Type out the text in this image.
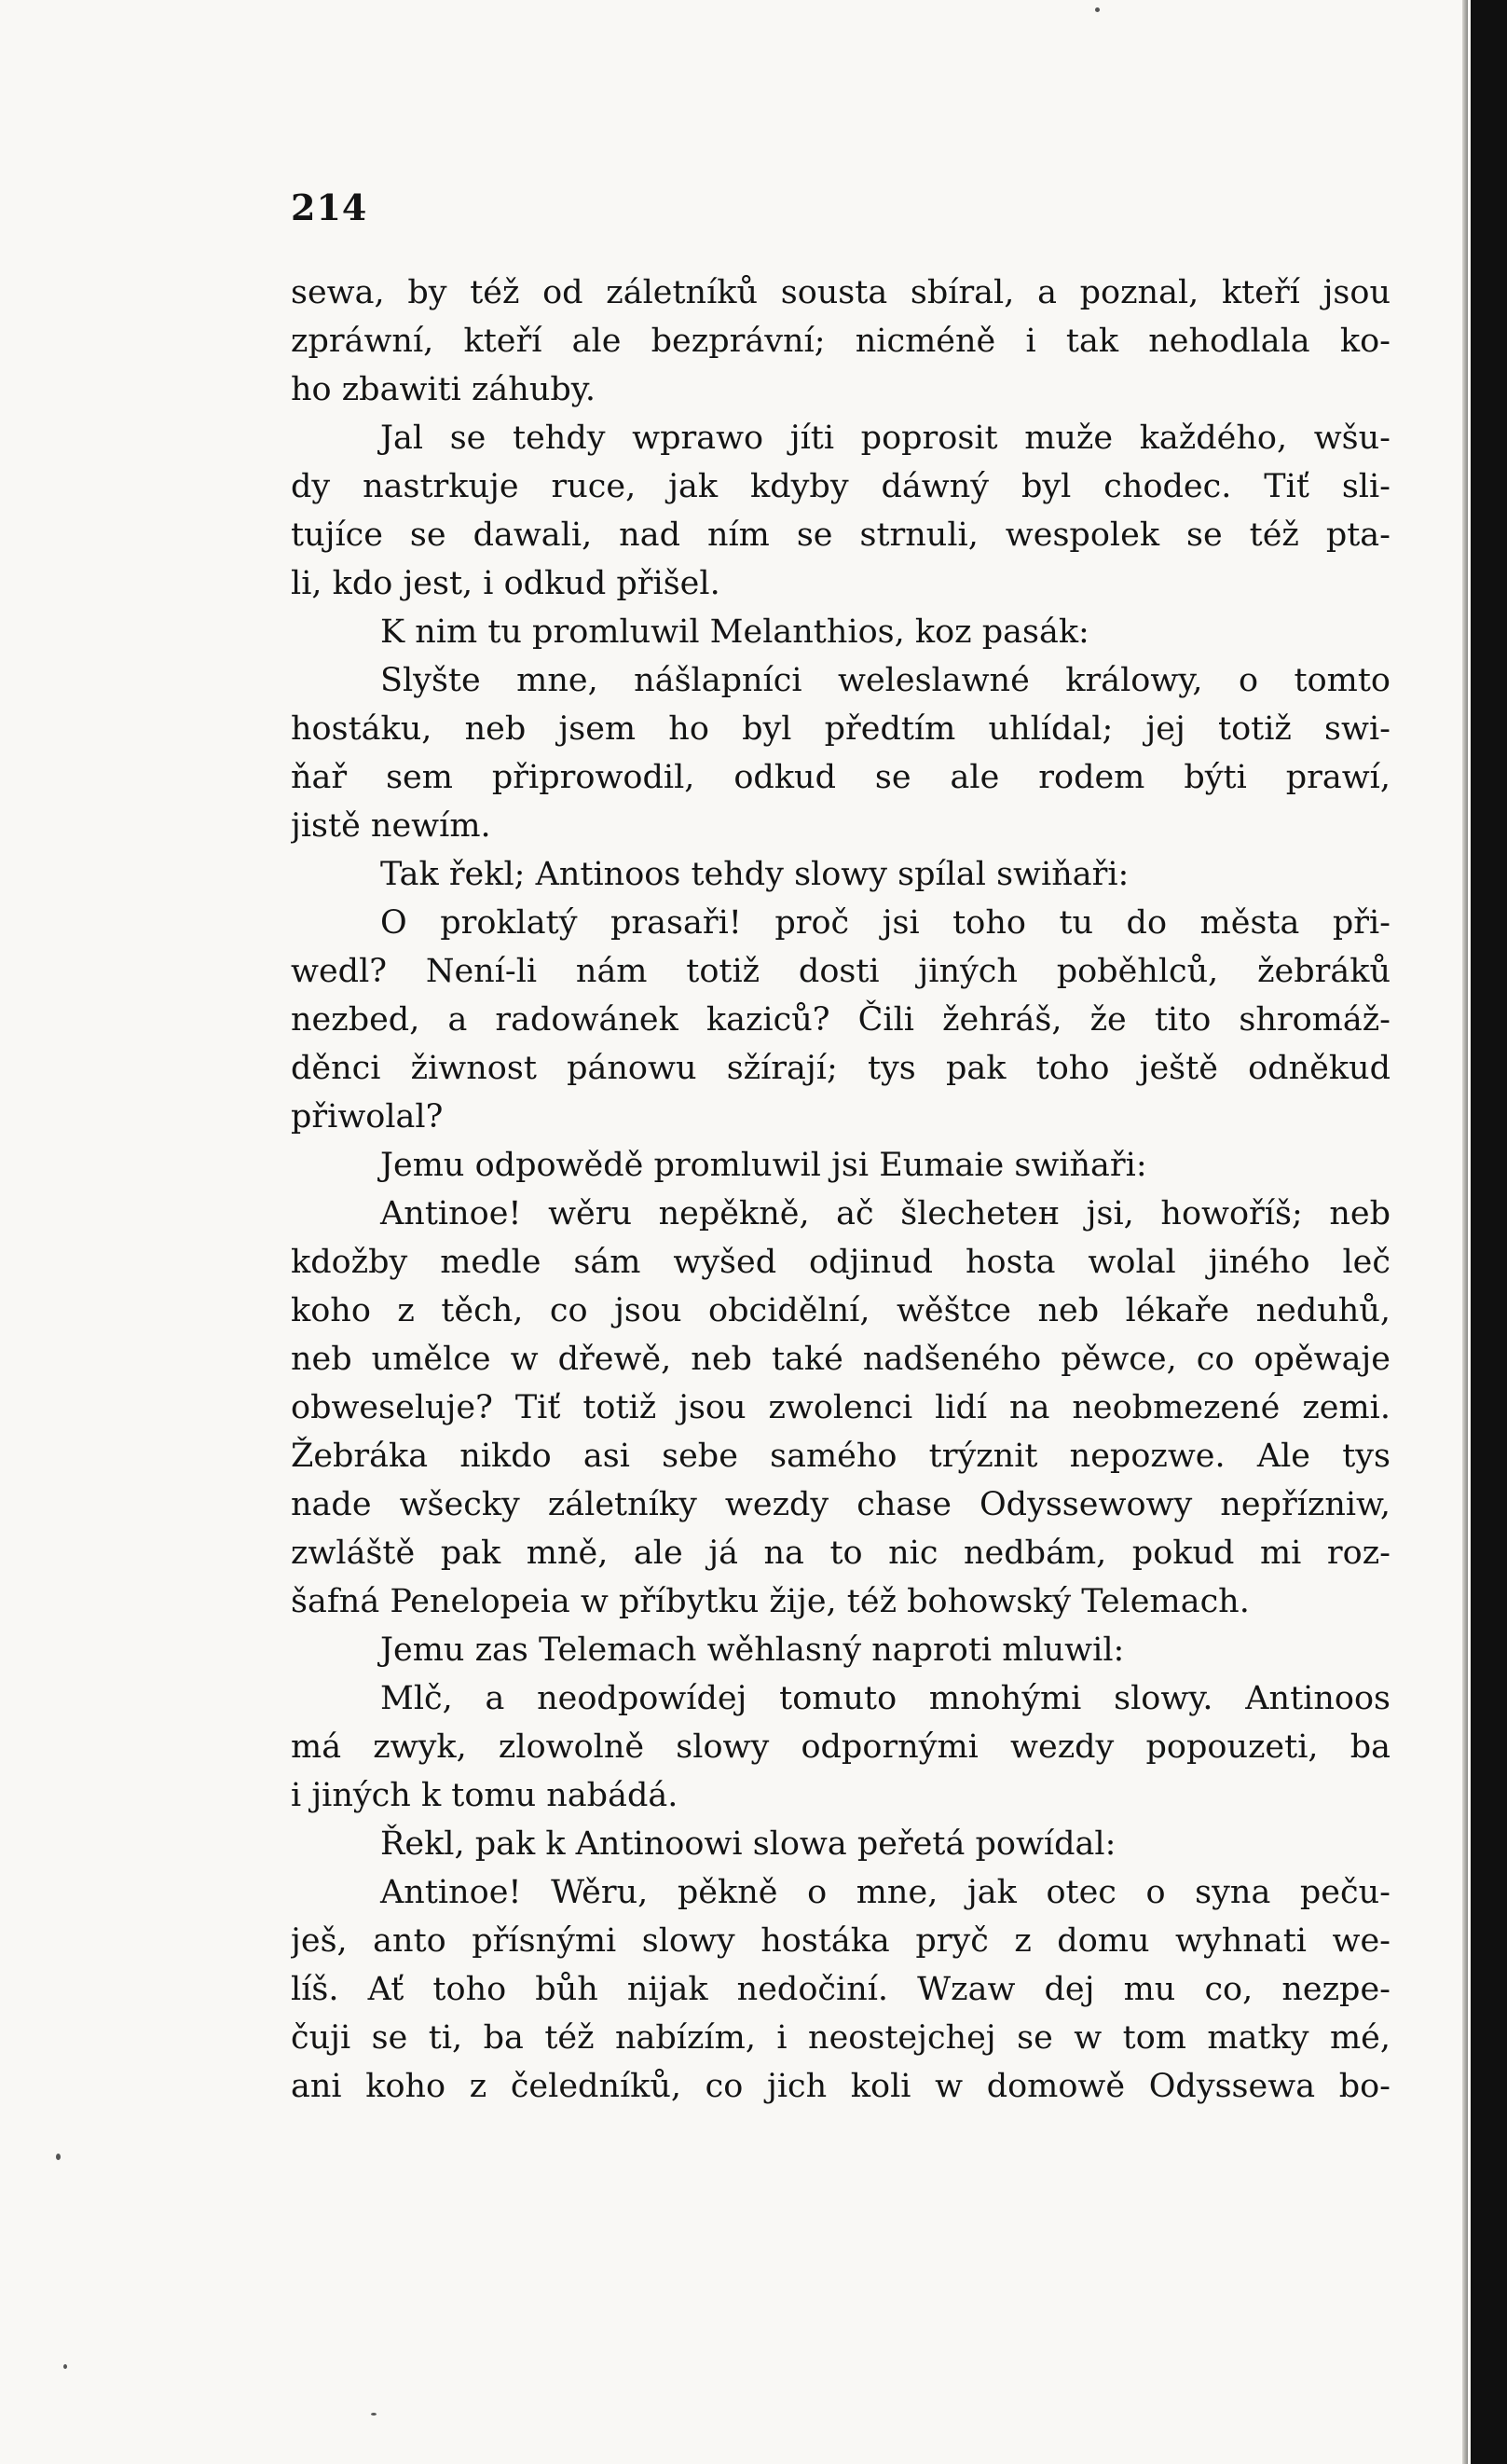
214
sewa, by též od záletníků sousta sbíral, a poznal, kteří jsou
zpráwní, kteří ale bezprávní; nicméně i tak nehodlala ko-
ho zbawiti záhuby.
Jal se tehdy wprawo jíti poprosit muže každého, wšu-
dy nastrkuje ruce, jak kdyby dáwný byl chodec. Tiť sli-
tujíce se dawali, nad ním se strnuli, wespolek se též pta-
li, kdo jest, i odkud přišel.
K nim tu promluwil Melanthios, koz pasák:
Slyšte mne, nášlapníci weleslawné králowy, o tomto
hostáku, neb jsem ho byl předtím uhlídal; jej totiž swi-
ňař sem připrowodil, odkud se ale rodem býti prawí,
jistě newím.
Tak řekl; Antinoos tehdy slowy spílal swiňaři:
O proklatý prasaři! proč jsi toho tu do města při-
wedl? Není-li nám totiž dosti jiných poběhlců, žebráků
nezbed, a radowánek kaziců? Čili žehráš, že tito shromáž-
děnci žiwnost pánowu sžírají; tys pak toho ještě odněkud
přiwolal?
Jemu odpowědě promluwil jsi Eumaie swiňaři:
Antinoe! wěru nepěkně, ač šlechetен jsi, howoříš; neb
kdožby medle sám wyšed odjinud hosta wolal jiného leč
koho z těch, co jsou obcidělní, wěštce neb lékaře neduhů,
neb umělce w dřewě, neb také nadšeného pěwce, co opěwaje
obweseluje? Tiť totiž jsou zwolenci lidí na neobmezené zemi.
Žebráka nikdo asi sebe samého trýznit nepozwe. Ale tys
nade wšecky záletníky wezdy chase Odyssewowy nepřízniw,
zwláště pak mně, ale já na to nic nedbám, pokud mi roz-
šafná Penelopeia w příbytku žije, též bohowský Telemach.
Jemu zas Telemach wěhlasný naproti mluwil:
Mlč, a neodpowídej tomuto mnohými slowy. Antinoos
má zwyk, zlowolně slowy odpornými wezdy popouzeti, ba
i jiných k tomu nabádá.
Řekl, pak k Antinoowi slowa peřetá powídal:
Antinoe! Wěru, pěkně o mne, jak otec o syna peču-
ješ, anto přísnými slowy hostáka pryč z domu wyhnati we-
líš. Ať toho bůh nijak nedočiní. Wzaw dej mu co, nezpe-
čuji se ti, ba též nabízím, i neostejchej se w tom matky mé,
ani koho z čeledníků, co jich koli w domowě Odyssewa bo-
